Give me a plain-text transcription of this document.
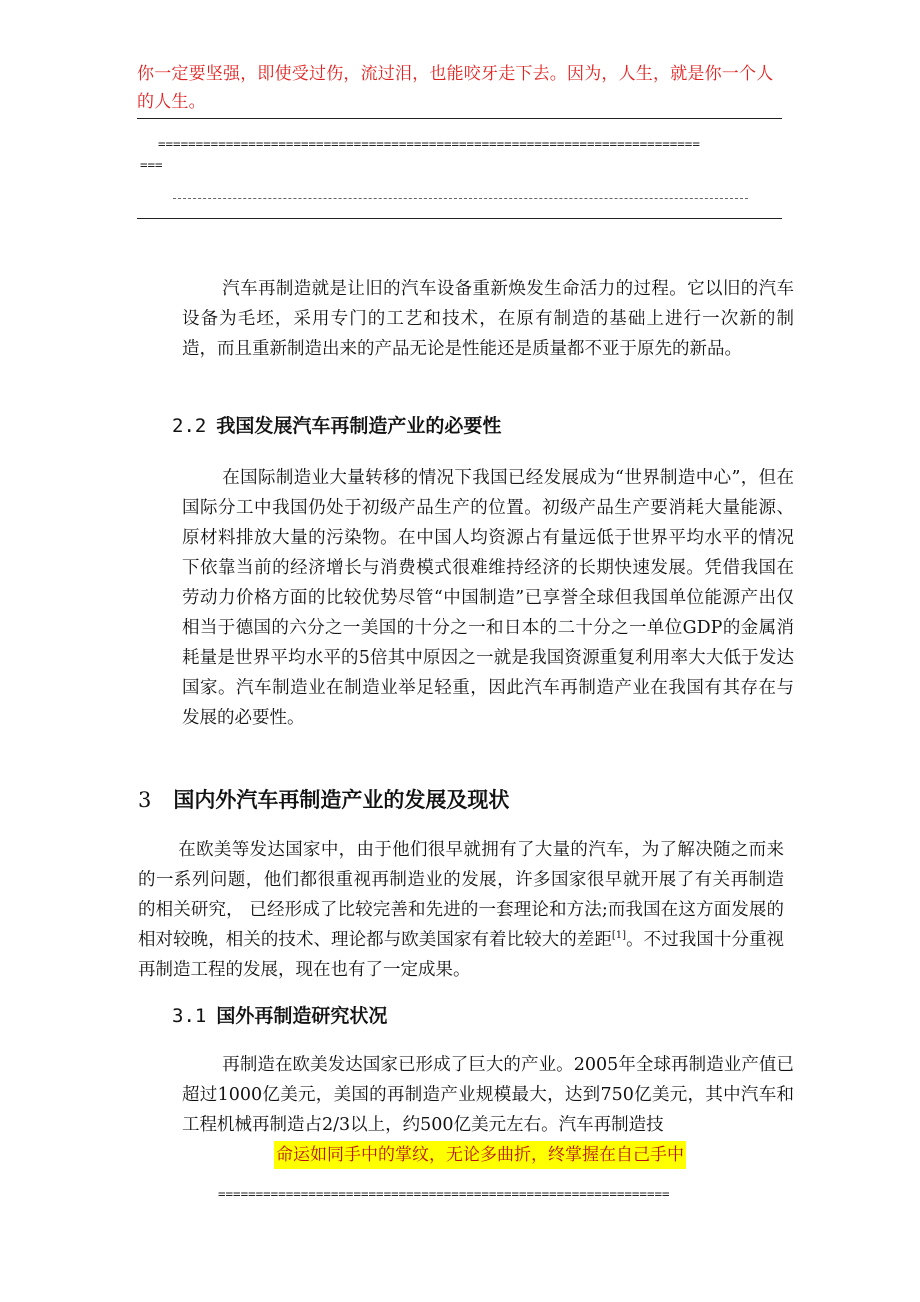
你一定要坚强，即使受过伤，流过泪，也能咬牙走下去。因为，人生，就是你一个人的人生。
========================================================================
===
汽车再制造就是让旧的汽车设备重新焕发生命活力的过程。它以旧的汽车设备为毛坯，采用专门的工艺和技术，在原有制造的基础上进行一次新的制造，而且重新制造出来的产品无论是性能还是质量都不亚于原先的新品。
2.2 我国发展汽车再制造产业的必要性
在国际制造业大量转移的情况下我国已经发展成为“世界制造中心”，但在国际分工中我国仍处于初级产品生产的位置。初级产品生产要消耗大量能源、原材料排放大量的污染物。在中国人均资源占有量远低于世界平均水平的情况下依靠当前的经济增长与消费模式很难维持经济的长期快速发展。凭借我国在劳动力价格方面的比较优势尽管“中国制造”已享誉全球但我国单位能源产出仅相当于德国的六分之一美国的十分之一和日本的二十分之一单位GDP的金属消耗量是世界平均水平的5倍其中原因之一就是我国资源重复利用率大大低于发达国家。汽车制造业在制造业举足轻重，因此汽车再制造产业在我国有其存在与发展的必要性。
3 国内外汽车再制造产业的发展及现状
在欧美等发达国家中，由于他们很早就拥有了大量的汽车，为了解决随之而来的一系列问题，他们都很重视再制造业的发展，许多国家很早就开展了有关再制造的相关研究， 已经形成了比较完善和先进的一套理论和方法;而我国在这方面发展的相对较晚，相关的技术、理论都与欧美国家有着比较大的差距[1]。不过我国十分重视再制造工程的发展，现在也有了一定成果。
3.1 国外再制造研究状况
再制造在欧美发达国家已形成了巨大的产业。2005年全球再制造业产值已超过1000亿美元，美国的再制造产业规模最大，达到750亿美元，其中汽车和工程机械再制造占2/3以上，约500亿美元左右。汽车再制造技
命运如同手中的掌纹，无论多曲折，终掌握在自己手中
============================================================
